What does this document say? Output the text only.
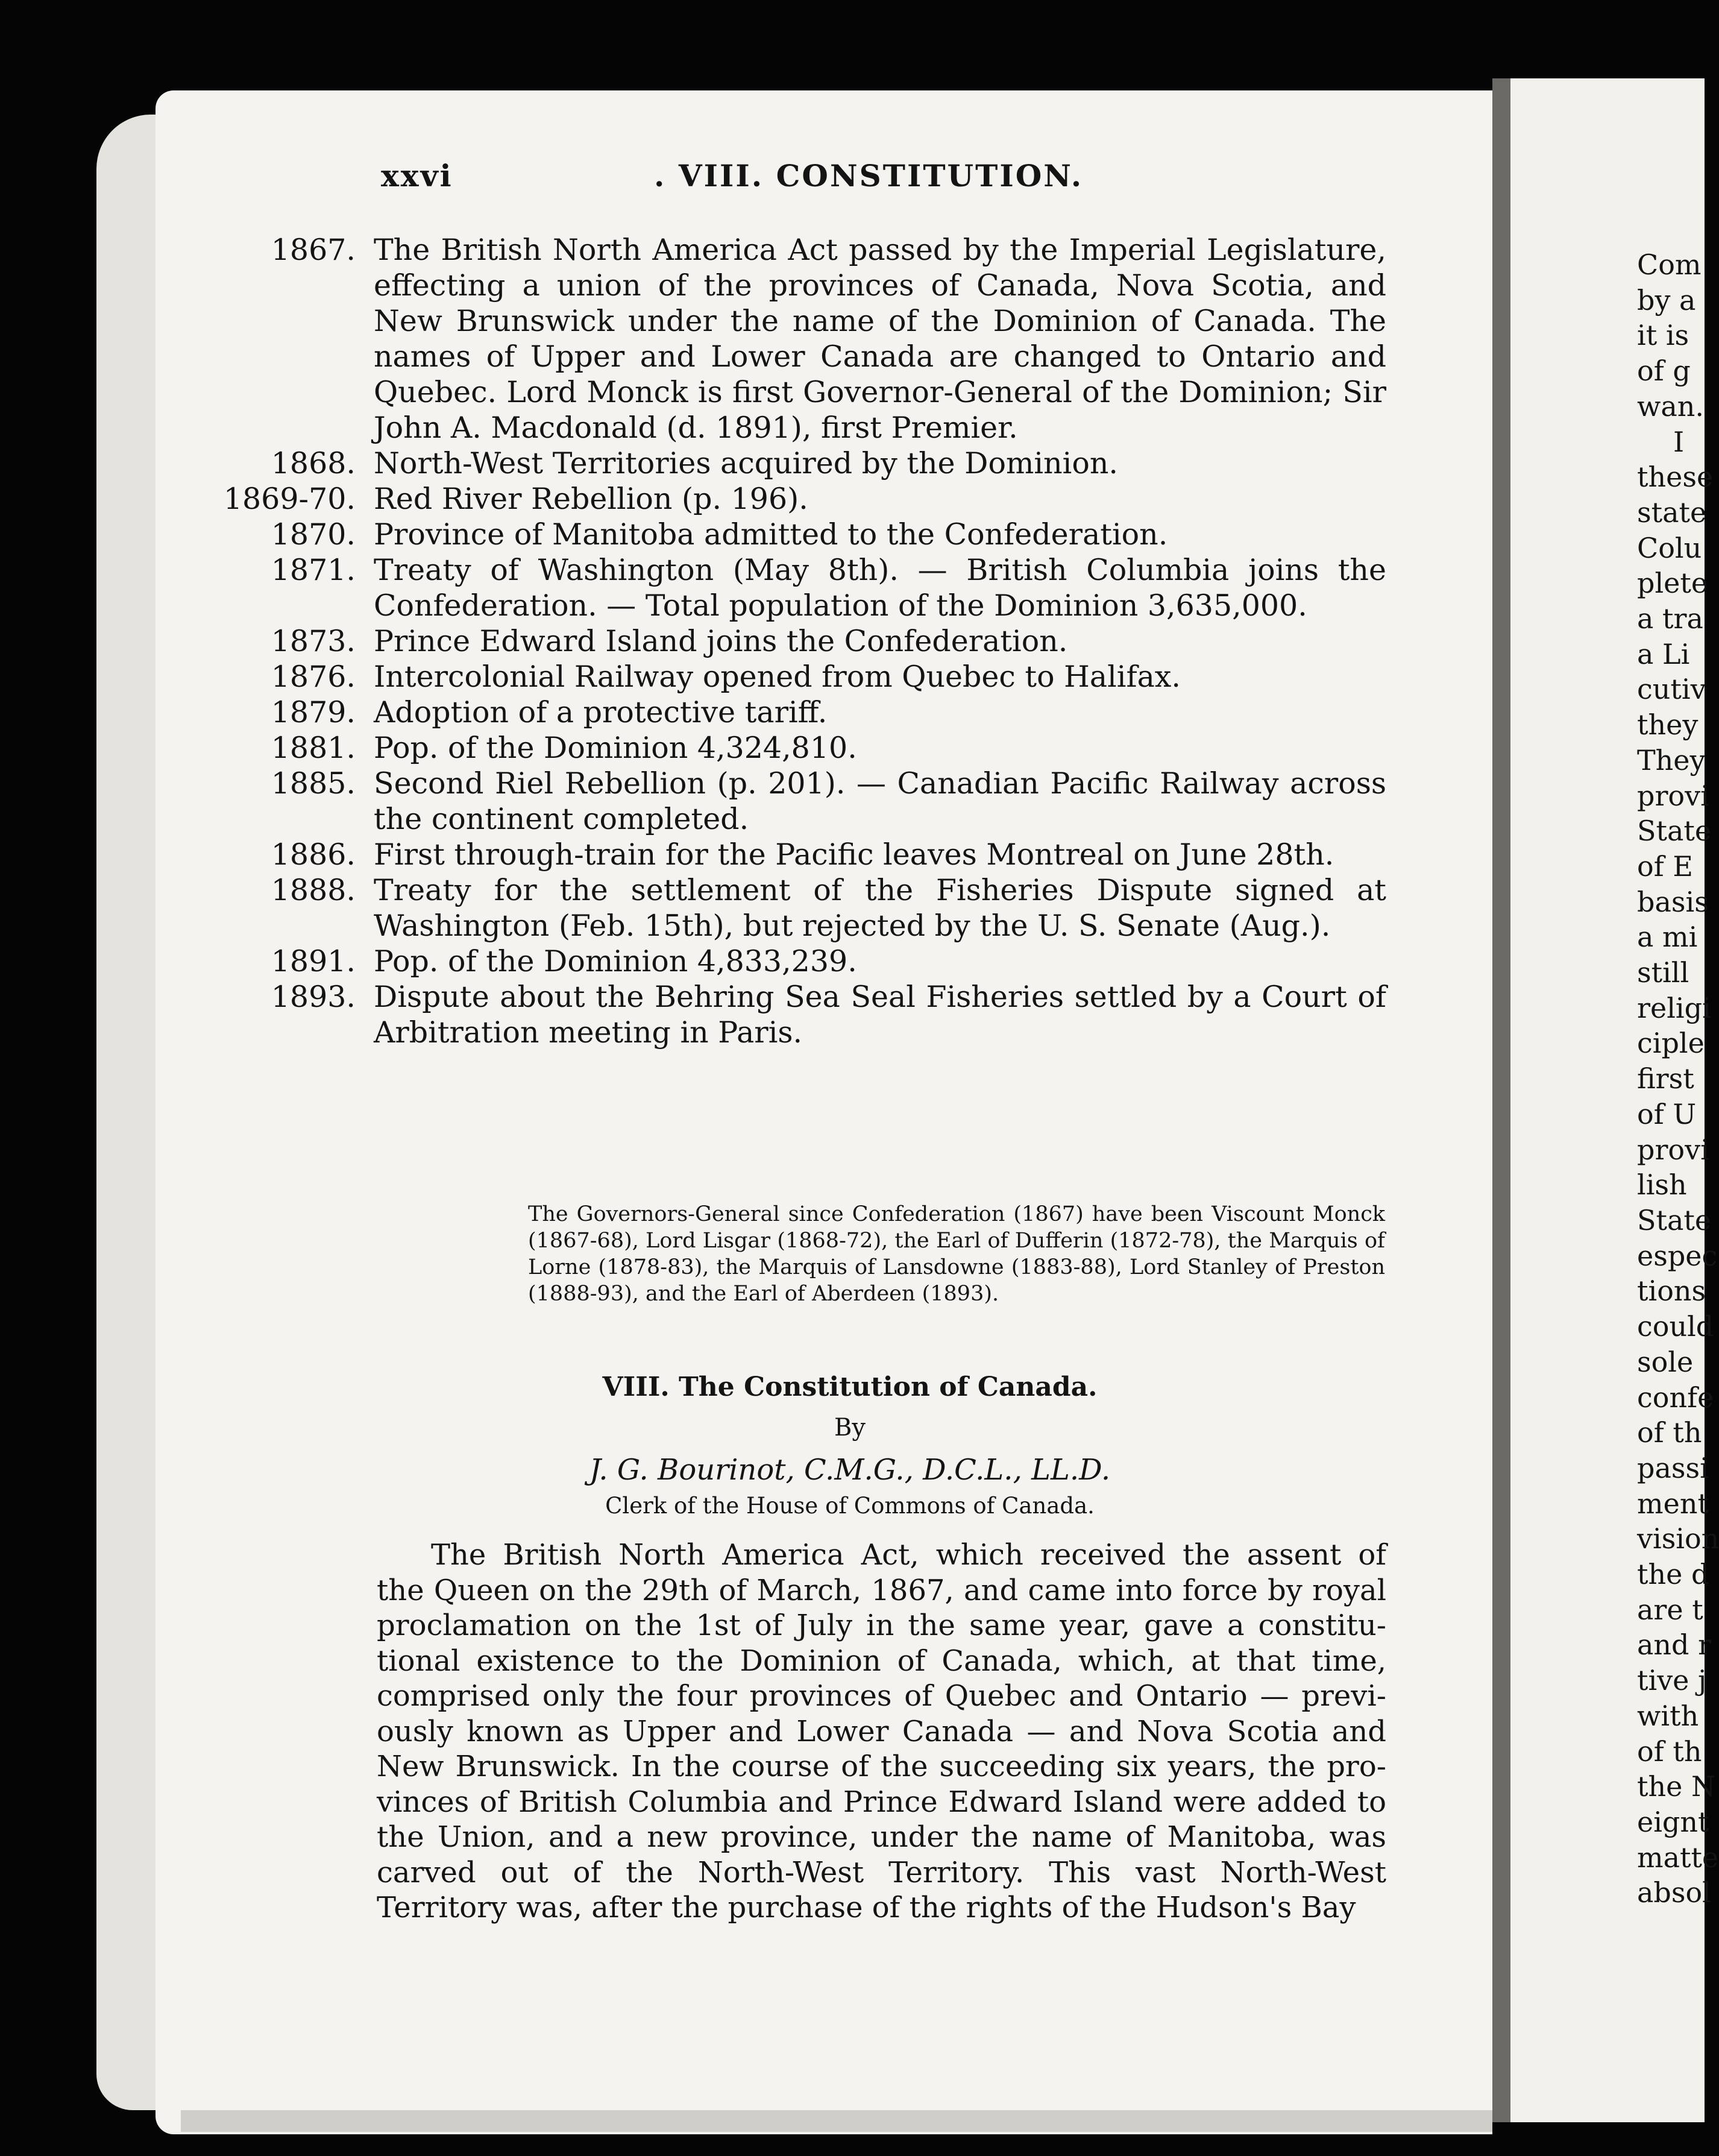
xxvi	. VIII. CONSTITUTION.
1867. The British North America Act passed by the Imperial Legislature, effecting a union of the provinces of Canada, Nova Scotia, and New Brunswick under the name of the Dominion of Canada. The names of Upper and Lower Canada are changed to Ontario and Quebec. Lord Monck is first Governor-General of the Dominion; Sir John A. Macdonald (d. 1891), first Premier.
1868. North-West Territories acquired by the Dominion.
1869-70. Red River Rebellion (p. 196).
1870. Province of Manitoba admitted to the Confederation.
1871. Treaty of Washington (May 8th). — British Columbia joins the Confederation. — Total population of the Dominion 3,635,000.
1873. Prince Edward Island joins the Confederation.
1876. Intercolonial Railway opened from Quebec to Halifax.
1879. Adoption of a protective tariff.
1881. Pop. of the Dominion 4,324,810.
1885. Second Riel Rebellion (p. 201). — Canadian Pacific Railway across the continent completed.
1886. First through-train for the Pacific leaves Montreal on June 28th.
1888. Treaty for the settlement of the Fisheries Dispute signed at Washington (Feb. 15th), but rejected by the U. S. Senate (Aug.).
1891. Pop. of the Dominion 4,833,239.
1893. Dispute about the Behring Sea Seal Fisheries settled by a Court of Arbitration meeting in Paris.
The Governors-General since Confederation (1867) have been Viscount Monck (1867-68), Lord Lisgar (1868-72), the Earl of Dufferin (1872-78), the Marquis of Lorne (1878-83), the Marquis of Lansdowne (1883-88), Lord Stanley of Preston (1888-93), and the Earl of Aberdeen (1893).
VIII. The Constitution of Canada.
By
J. G. Bourinot, C.M.G., D.C.L., LL.D.
Clerk of the House of Commons of Canada.
The British North America Act, which received the assent of
the Queen on the 29th of March, 1867, and came into force by royal
proclamation on the 1st of July in the same year, gave a constitu-
tional existence to the Dominion of Canada, which, at that time,
comprised only the four provinces of Quebec and Ontario — previ-
ously known as Upper and Lower Canada — and Nova Scotia and
New Brunswick. In the course of the succeeding six years, the pro-
vinces of British Columbia and Prince Edward Island were added to
the Union, and a new province, under the name of Manitoba, was
carved out of the North-West Territory. This vast North-West
Territory was, after the purchase of the rights of the Hudson's Bay
Com
by a
it is
of g
wan.
I
these
state
Colu
plete
a tra
a Li
cutiv
they
They
provi
State
of E
basis
a mi
still
religi
ciple
first
of U
provi
lish
State
espec
tions
could
sole
confe
of th
passi
ment
vision
the d
are t
and r
tive j
with
of th
the N
eignt
matte
absol
